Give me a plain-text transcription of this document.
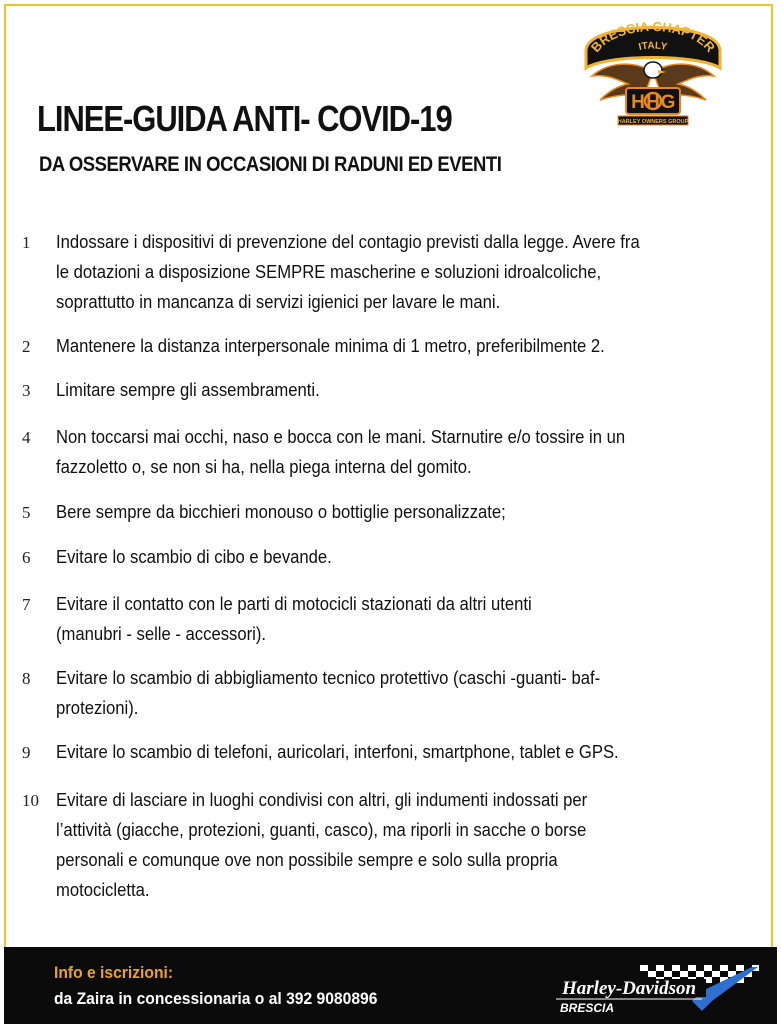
LINEE-GUIDA ANTI- COVID-19
DA OSSERVARE IN OCCASIONI DI RADUNI ED EVENTI
BRESCIA CHAPTER
ITALY
H
H G
HARLEY OWNERS GROUP
1	Indossare i dispositivi di prevenzione del contagio previsti dalla legge. Avere fra
le dotazioni a disposizione SEMPRE mascherine e soluzioni idroalcoliche,
soprattutto in mancanza di servizi igienici per lavare le mani.
2	Mantenere la distanza interpersonale minima di 1 metro, preferibilmente 2.
3	Limitare sempre gli assembramenti.
4	Non toccarsi mai occhi, naso e bocca con le mani. Starnutire e/o tossire in un
fazzoletto o, se non si ha, nella piega interna del gomito.
5	Bere sempre da bicchieri monouso o bottiglie personalizzate;
6	Evitare lo scambio di cibo e bevande.
7	Evitare il contatto con le parti di motocicli stazionati da altri utenti
(manubri - selle - accessori).
8	Evitare lo scambio di abbigliamento tecnico protettivo (caschi -guanti- baf-
protezioni).
9	Evitare lo scambio di telefoni, auricolari, interfoni, smartphone, tablet e GPS.
10 Evitare di lasciare in luoghi condivisi con altri, gli indumenti indossati per
l’attività (giacche, protezioni, guanti, casco), ma riporli in sacche o borse
personali e comunque ove non possibile sempre e solo sulla propria
motocicletta.
Info e iscrizioni:
da Zaira in concessionaria o al 392 9080896	Harley-Davidson
BRESCIA
